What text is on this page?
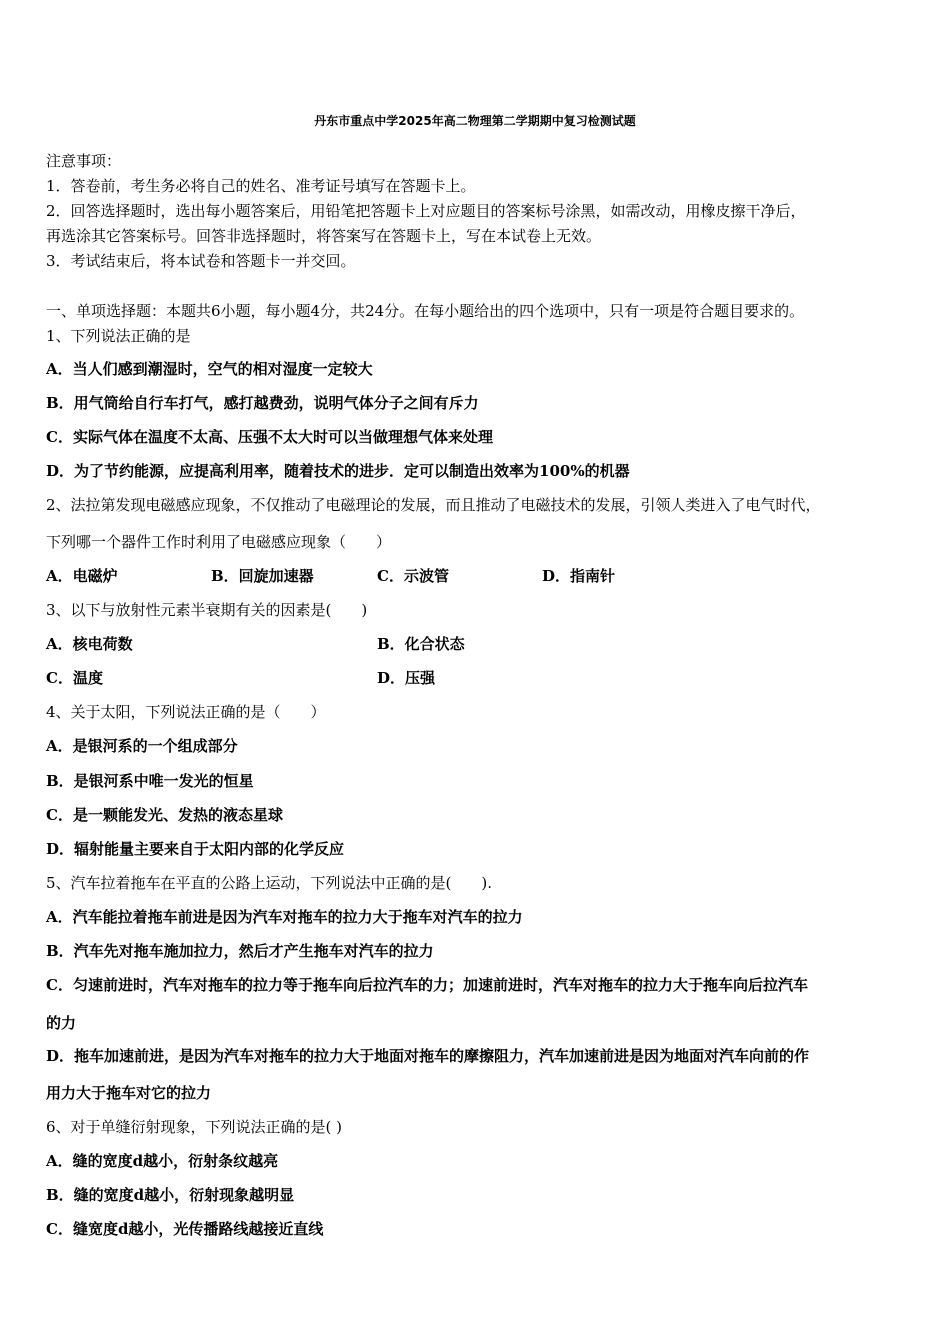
丹东市重点中学2025年高二物理第二学期期中复习检测试题
注意事项：
1．答卷前，考生务必将自己的姓名、准考证号填写在答题卡上。
2．回答选择题时，选出每小题答案后，用铅笔把答题卡上对应题目的答案标号涂黑，如需改动，用橡皮擦干净后，
再选涂其它答案标号。回答非选择题时，将答案写在答题卡上，写在本试卷上无效。
3．考试结束后，将本试卷和答题卡一并交回。
一、单项选择题：本题共6小题，每小题4分，共24分。在每小题给出的四个选项中，只有一项是符合题目要求的。
1、下列说法正确的是
A．当人们感到潮湿时，空气的相对湿度一定较大
B．用气筒给自行车打气，感打越费劲，说明气体分子之间有斥力
C．实际气体在温度不太高、压强不太大时可以当做理想气体来处理
D．为了节约能源，应提高利用率，随着技术的进步．定可以制造出效率为100%的机器
2、法拉第发现电磁感应现象，不仅推动了电磁理论的发展，而且推动了电磁技术的发展，引领人类进入了电气时代，
下列哪一个器件工作时利用了电磁感应现象（　　）
A．电磁炉	B．回旋加速器	C．示波管	D．指南针
3、以下与放射性元素半衰期有关的因素是(　　)
A．核电荷数	B．化合状态
C．温度	D．压强
4、关于太阳，下列说法正确的是（　　）
A．是银河系的一个组成部分
B．是银河系中唯一发光的恒星
C．是一颗能发光、发热的液态星球
D．辐射能量主要来自于太阳内部的化学反应
5、汽车拉着拖车在平直的公路上运动，下列说法中正确的是(　　).
A．汽车能拉着拖车前进是因为汽车对拖车的拉力大于拖车对汽车的拉力
B．汽车先对拖车施加拉力，然后才产生拖车对汽车的拉力
C．匀速前进时，汽车对拖车的拉力等于拖车向后拉汽车的力；加速前进时，汽车对拖车的拉力大于拖车向后拉汽车
的力
D．拖车加速前进，是因为汽车对拖车的拉力大于地面对拖车的摩擦阻力，汽车加速前进是因为地面对汽车向前的作
用力大于拖车对它的拉力
6、对于单缝衍射现象，下列说法正确的是( )
A．缝的宽度d越小，衍射条纹越亮
B．缝的宽度d越小，衍射现象越明显
C．缝宽度d越小，光传播路线越接近直线
